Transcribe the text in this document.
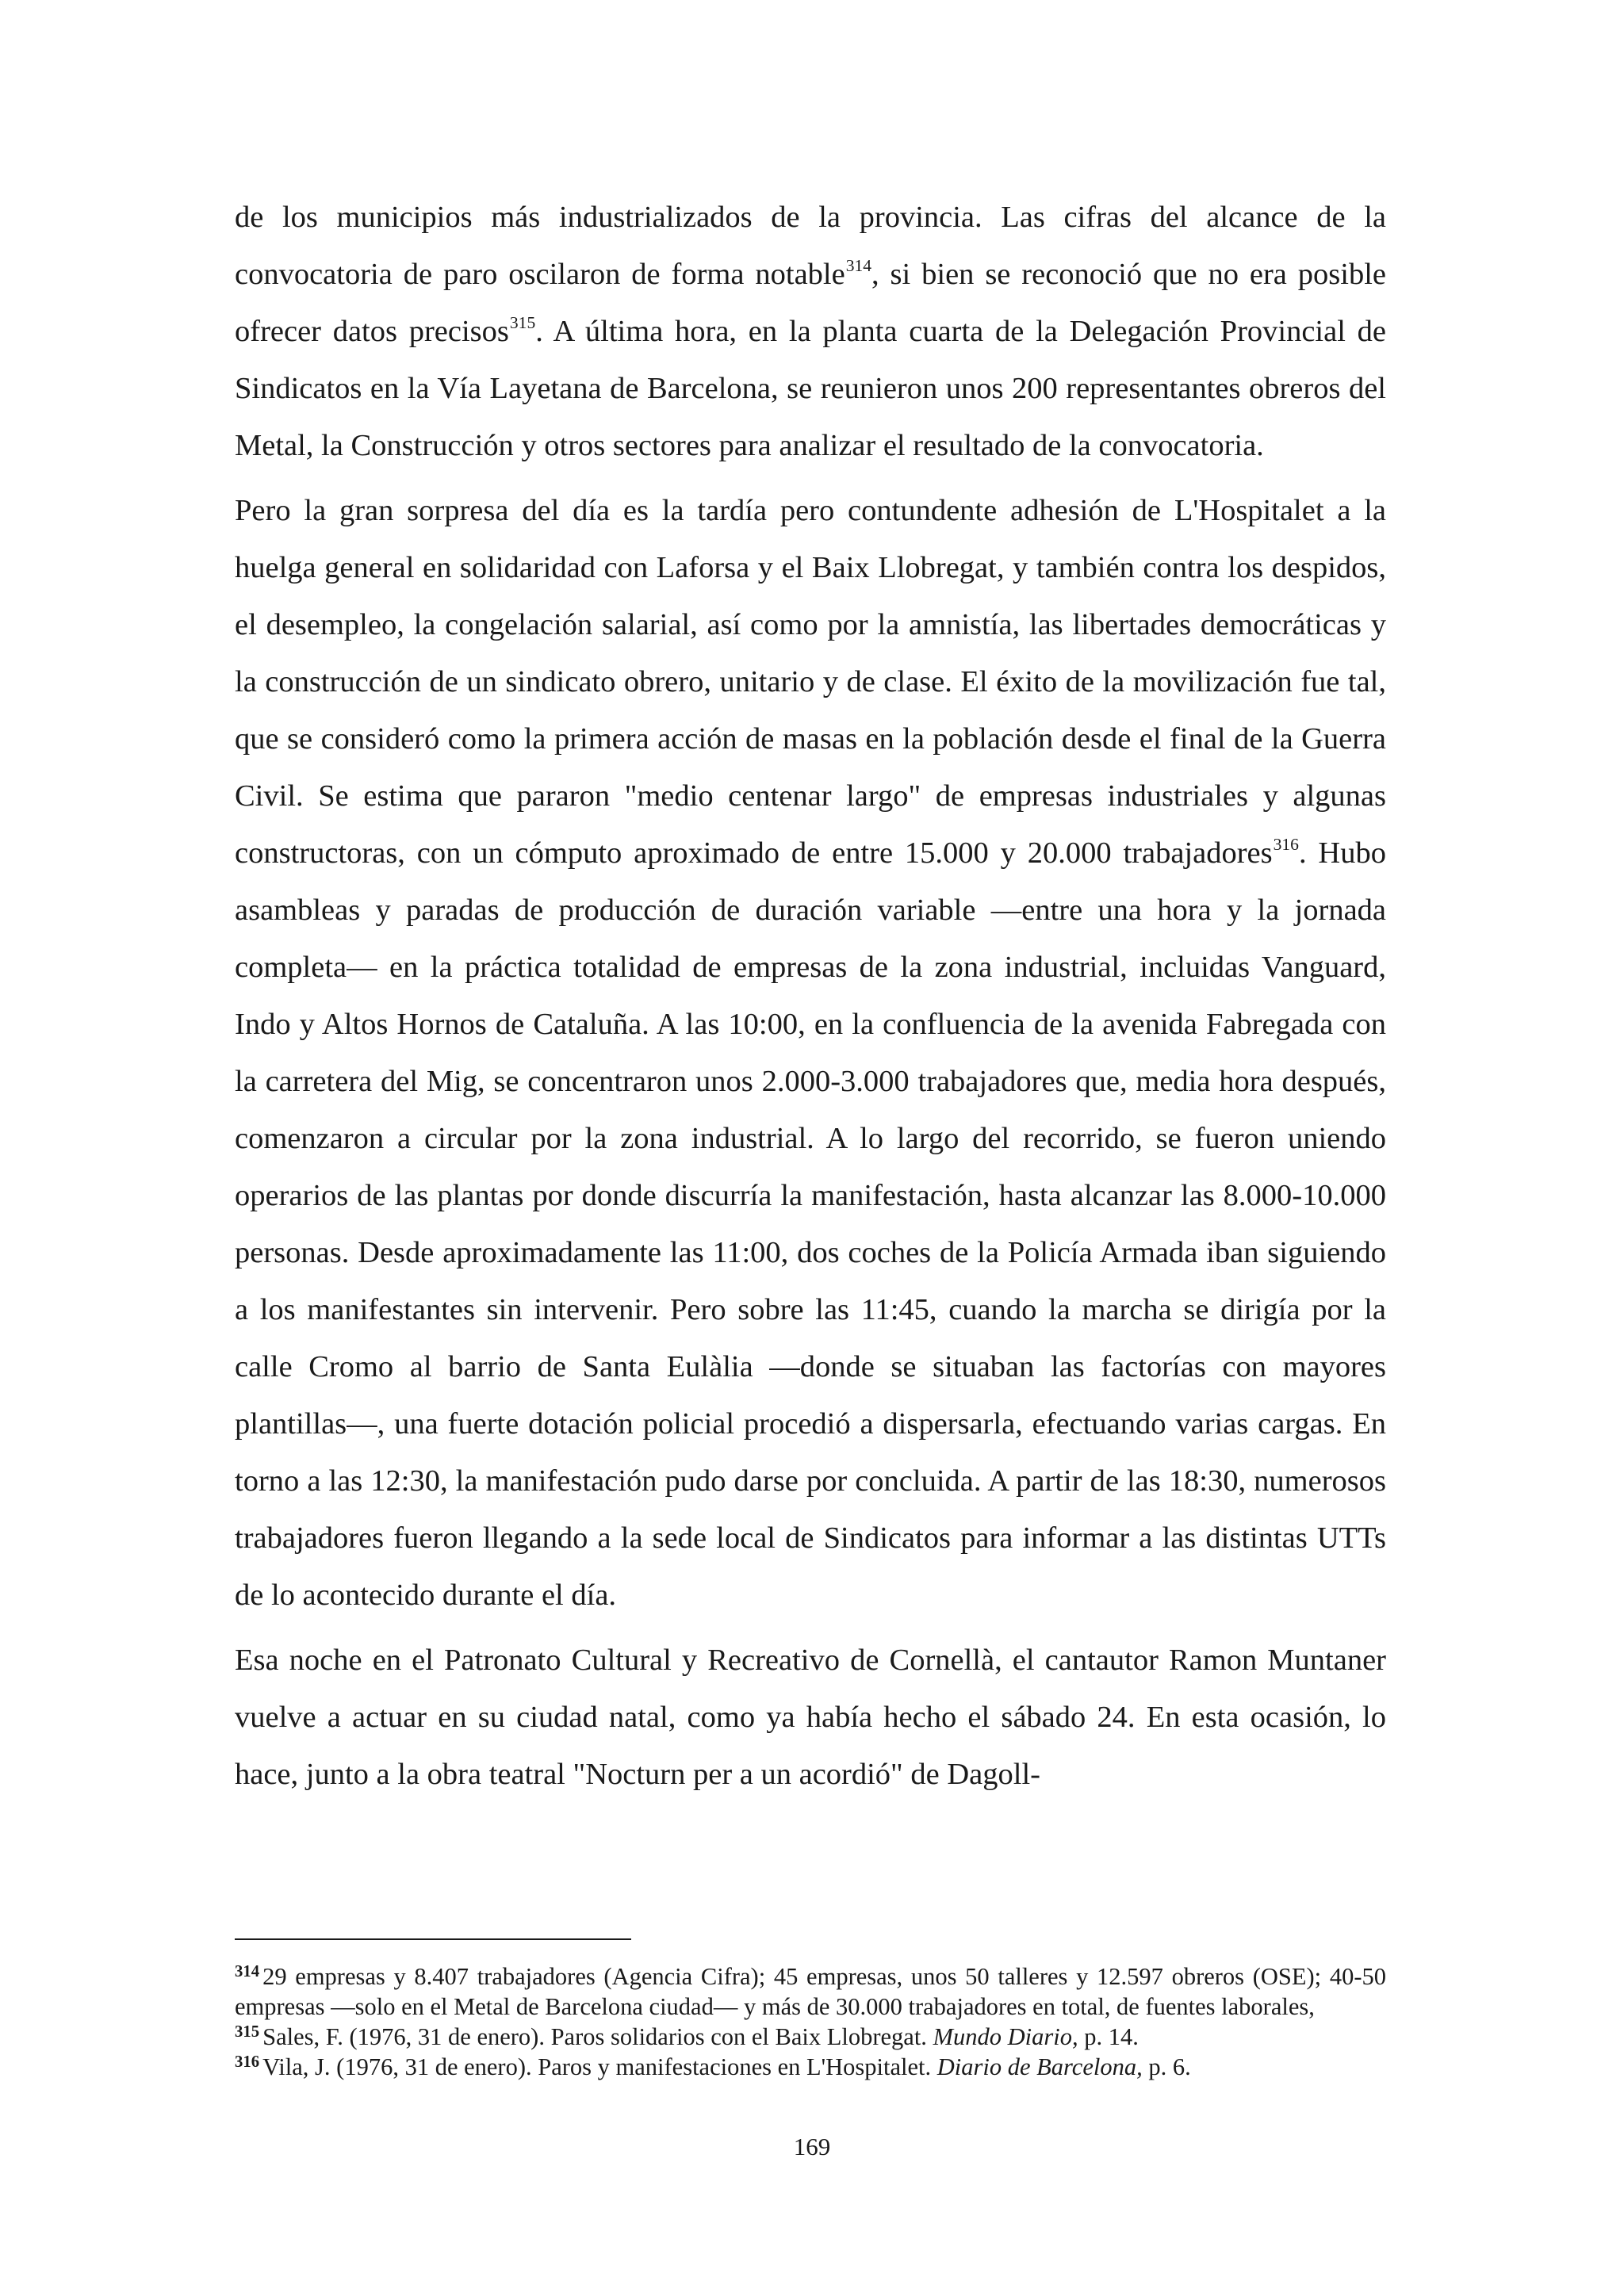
de los municipios más industrializados de la provincia. Las cifras del alcance de la convocatoria de paro oscilaron de forma notable$^{314}$, si bien se reconoció que no era posible ofrecer datos precisos$^{315}$. A última hora, en la planta cuarta de la Delegación Provincial de Sindicatos en la Vía Layetana de Barcelona, se reunieron unos 200 representantes obreros del Metal, la Construcción y otros sectores para analizar el resultado de la convocatoria.

Pero la gran sorpresa del día es la tardía pero contundente adhesión de L'Hospitalet a la huelga general en solidaridad con Laforsa y el Baix Llobregat, y también contra los despidos, el desempleo, la congelación salarial, así como por la amnistía, las libertades democráticas y la construcción de un sindicato obrero, unitario y de clase. El éxito de la movilización fue tal, que se consideró como la primera acción de masas en la población desde el final de la Guerra Civil. Se estima que pararon "medio centenar largo" de empresas industriales y algunas constructoras, con un cómputo aproximado de entre 15.000 y 20.000 trabajadores$^{316}$. Hubo asambleas y paradas de producción de duración variable —entre una hora y la jornada completa— en la práctica totalidad de empresas de la zona industrial, incluidas Vanguard, Indo y Altos Hornos de Cataluña. A las 10:00, en la confluencia de la avenida Fabregada con la carretera del Mig, se concentraron unos 2.000-3.000 trabajadores que, media hora después, comenzaron a circular por la zona industrial. A lo largo del recorrido, se fueron uniendo operarios de las plantas por donde discurría la manifestación, hasta alcanzar las 8.000-10.000 personas. Desde aproximadamente las 11:00, dos coches de la Policía Armada iban siguiendo a los manifestantes sin intervenir. Pero sobre las 11:45, cuando la marcha se dirigía por la calle Cromo al barrio de Santa Eulàlia —donde se situaban las factorías con mayores plantillas—, una fuerte dotación policial procedió a dispersarla, efectuando varias cargas. En torno a las 12:30, la manifestación pudo darse por concluida. A partir de las 18:30, numerosos trabajadores fueron llegando a la sede local de Sindicatos para informar a las distintas UTTs de lo acontecido durante el día.

Esa noche en el Patronato Cultural y Recreativo de Cornellà, el cantautor Ramon Muntaner vuelve a actuar en su ciudad natal, como ya había hecho el sábado 24. En esta ocasión, lo hace, junto a la obra teatral "Nocturn per a un acordió" de Dagoll-

$^{314}$ 29 empresas y 8.407 trabajadores (Agencia Cifra); 45 empresas, unos 50 talleres y 12.597 obreros (OSE); 40-50 empresas —solo en el Metal de Barcelona ciudad— y más de 30.000 trabajadores en total, de fuentes laborales,

$^{315}$ Sales, F. (1976, 31 de enero). Paros solidarios con el Baix Llobregat. Mundo Diario, p. 14.

$^{316}$ Vila, J. (1976, 31 de enero). Paros y manifestaciones en L'Hospitalet. Diario de Barcelona, p. 6.

169
